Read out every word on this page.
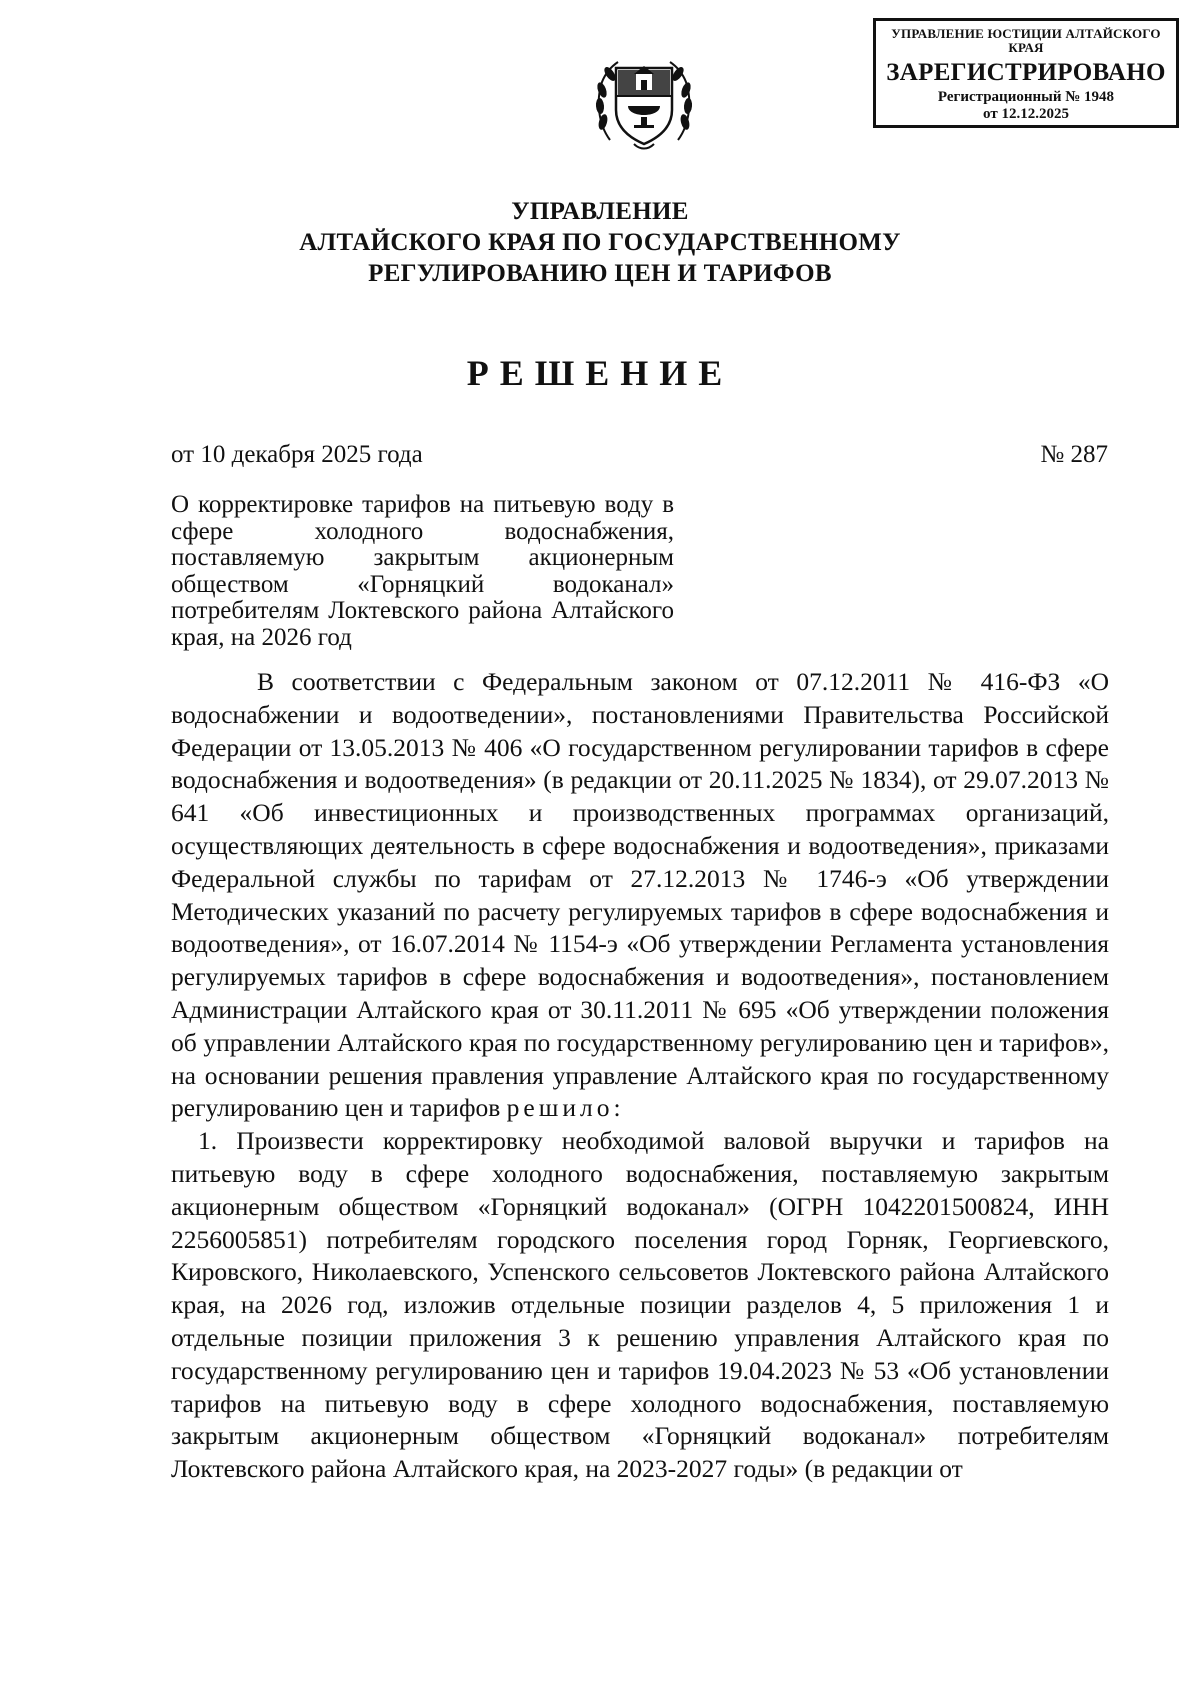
УПРАВЛЕНИЕ ЮСТИЦИИ АЛТАЙСКОГО КРАЯ
ЗАРЕГИСТРИРОВАНО
Регистрационный № 1948
от 12.12.2025
УПРАВЛЕНИЕ
АЛТАЙСКОГО КРАЯ ПО ГОСУДАРСТВЕННОМУ
РЕГУЛИРОВАНИЮ ЦЕН И ТАРИФОВ
РЕШЕНИЕ
от 10 декабря 2025 года	№ 287
О корректировке тарифов на питьевую воду в сфере холодного водоснабжения, поставляемую закрытым акционерным обществом «Горняцкий водоканал» потребителям Локтевского района Алтайского края, на 2026 год

В соответствии с Федеральным законом от 07.12.2011 № 416-ФЗ «О водоснабжении и водоотведении», постановлениями Правительства Российской Федерации от 13.05.2013 № 406 «О государственном регулировании тарифов в сфере водоснабжения и водоотведения» (в редакции от 20.11.2025 № 1834), от 29.07.2013 № 641 «Об инвестиционных и производственных программах организаций, осуществляющих деятельность в сфере водоснабжения и водоотведения», приказами Федеральной службы по тарифам от 27.12.2013 № 1746-э «Об утверждении Методических указаний по расчету регулируемых тарифов в сфере водоснабжения и водоотведения», от 16.07.2014 № 1154-э «Об утверждении Регламента установления регулируемых тарифов в сфере водоснабжения и водоотведения», постановлением Администрации Алтайского края от 30.11.2011 № 695 «Об утверждении положения об управлении Алтайского края по государственному регулированию цен и тарифов», на основании решения правления управление Алтайского края по государственному регулированию цен и тарифов решило:

1. Произвести корректировку необходимой валовой выручки и тарифов на питьевую воду в сфере холодного водоснабжения, поставляемую закрытым акционерным обществом «Горняцкий водоканал» (ОГРН 1042201500824, ИНН 2256005851) потребителям городского поселения город Горняк, Георгиевского, Кировского, Николаевского, Успенского сельсоветов Локтевского района Алтайского края, на 2026 год, изложив отдельные позиции разделов 4, 5 приложения 1 и отдельные позиции приложения 3 к решению управления Алтайского края по государственному регулированию цен и тарифов 19.04.2023 № 53 «Об установлении тарифов на питьевую воду в сфере холодного водоснабжения, поставляемую закрытым акционерным обществом «Горняцкий водоканал» потребителям Локтевского района Алтайского края, на 2023-2027 годы» (в редакции от
